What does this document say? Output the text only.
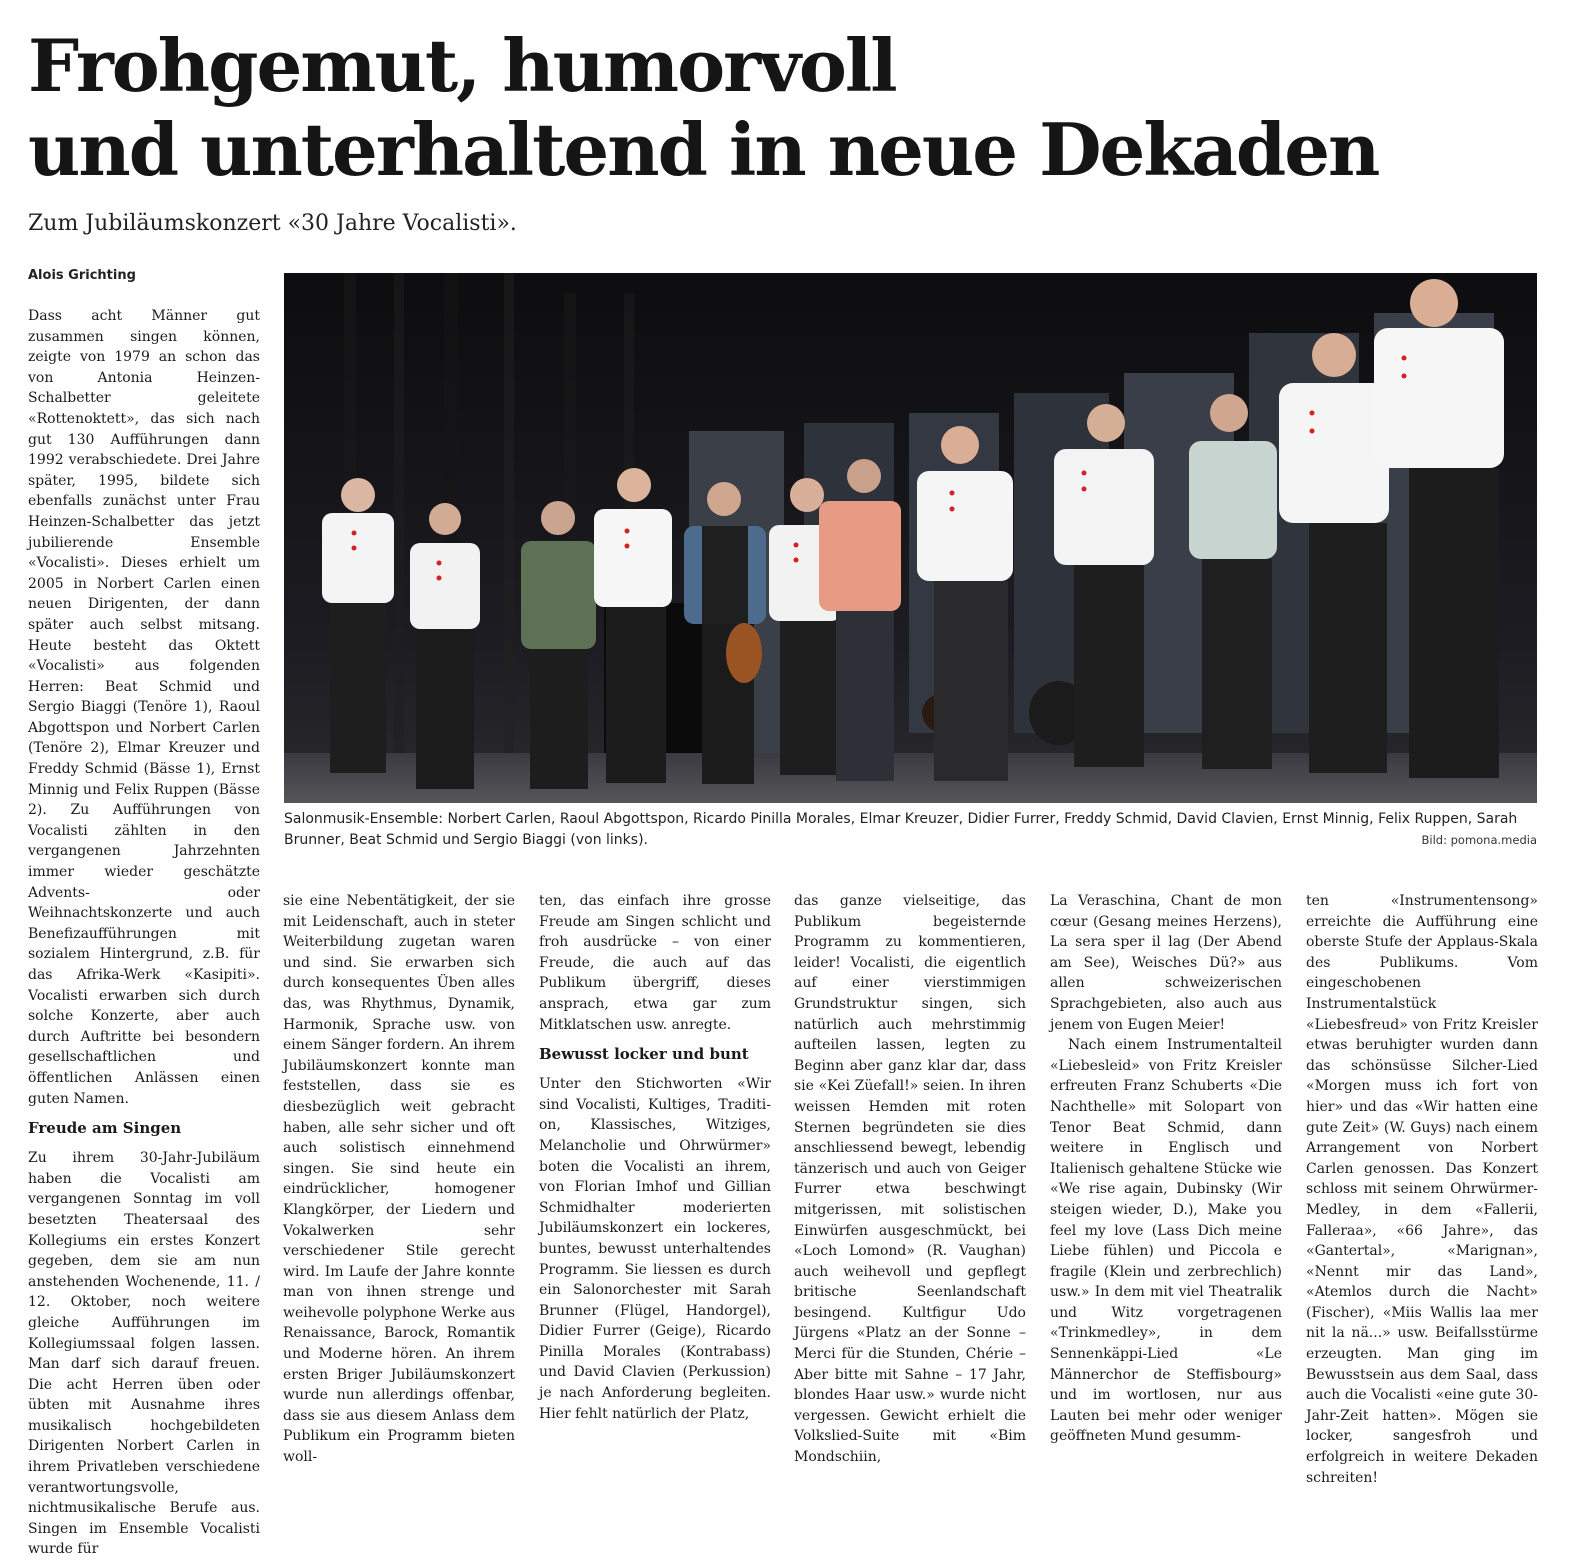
Frohgemut, humorvoll
und unterhaltend in neue Dekaden

Zum Jubiläumskonzert «30 Jahre Vocalisti».

Alois Grichting
Salonmusik-Ensemble: Norbert Carlen, Raoul Abgottspon, Ricardo Pinilla Morales, Elmar Kreuzer, Didier Furrer, Freddy Schmid, David Clavien, Ernst Minnig, Felix Ruppen, Sarah Brunner, Beat Schmid und Sergio Biaggi (von links).	Bild: pomona.media

Dass acht Männer gut zusammen singen können, zeigte von 1979 an schon das von Antonia Heinzen-Schalbetter geleitete «Rottenoktett», das sich nach gut 130 Aufführungen dann 1992 verabschiedete. Drei Jahre später, 1995, bildete sich ebenfalls zunächst unter Frau Heinzen-Schalbetter das jetzt jubilierende Ensemble «Vocalisti». Dieses erhielt um 2005 in Norbert Carlen einen neuen Dirigenten, der dann später auch selbst mitsang. Heute besteht das Oktett «Vocalisti» aus folgenden Herren: Beat Schmid und Sergio Biaggi (Tenöre 1), Raoul Abgottspon und Norbert Carlen (Tenöre 2), Elmar Kreuzer und Freddy Schmid (Bässe 1), Ernst Minnig und Felix Ruppen (Bässe 2). Zu Aufführungen von Vocalisti zählten in den vergangenen Jahrzehnten immer wieder geschätzte Advents- oder Weihnachtskonzerte und auch Benefizaufführungen mit sozialem Hintergrund, z.B. für das Afrika-Werk «Kasipiti». Vocalisti erwarben sich durch solche Konzerte, aber auch durch Auftritte bei besondern gesellschaftlichen und öffentlichen Anlässen einen guten Namen.

Freude am Singen

Zu ihrem 30-Jahr-Jubiläum haben die Vocalisti am vergangenen Sonntag im voll besetzten Theatersaal des Kollegiums ein erstes Konzert gegeben, dem sie am nun anstehenden Wochenende, 11. / 12. Oktober, noch weitere gleiche Aufführungen im Kollegiumssaal folgen lassen. Man darf sich darauf freuen. Die acht Herren üben oder übten mit Ausnahme ihres musikalisch hochgebildeten Dirigenten Norbert Carlen in ihrem Privatleben verschiedene verantwortungsvolle, nichtmusikalische Berufe aus. Singen im Ensemble Vocalisti wurde für

sie eine Nebentätigkeit, der sie mit Leidenschaft, auch in steter Weiterbildung zugetan waren und sind. Sie erwarben sich durch konsequentes Üben alles das, was Rhythmus, Dynamik, Harmonik, Sprache usw. von einem Sänger fordern. An ihrem Jubiläumskonzert konnte man feststellen, dass sie es diesbezüglich weit gebracht haben, alle sehr sicher und oft auch solistisch einnehmend singen. Sie sind heute ein eindrücklicher, homogener Klangkörper, der Liedern und Vokalwerken sehr verschiedener Stile gerecht wird. Im Laufe der Jahre konnte man von ihnen strenge und weihevolle polyphone Werke aus Renaissance, Barock, Romantik und Moderne hören. An ihrem ersten Briger Jubiläumskonzert wurde nun allerdings offenbar, dass sie aus diesem Anlass dem Publikum ein Programm bieten woll-

ten, das einfach ihre grosse Freude am Singen schlicht und froh ausdrücke – von einer Freude, die auch auf das Publikum übergriff, dieses ansprach, etwa gar zum Mitklatschen usw. anregte.

Bewusst locker und bunt

Unter den Stichworten «Wir sind Vocalisti, Kultiges, Traditi-on, Klassisches, Witziges, Melancholie und Ohrwürmer» boten die Vocalisti an ihrem, von Florian Imhof und Gillian Schmidhalter moderierten Jubiläumskonzert ein lockeres, buntes, bewusst unterhaltendes Programm. Sie liessen es durch ein Salonorchester mit Sarah Brunner (Flügel, Handorgel), Didier Furrer (Geige), Ricardo Pinilla Morales (Kontrabass) und David Clavien (Perkussion) je nach Anforderung begleiten. Hier fehlt natürlich der Platz,

das ganze vielseitige, das Publikum begeisternde Programm zu kommentieren, leider! Vocalisti, die eigentlich auf einer vierstimmigen Grundstruktur singen, sich natürlich auch mehrstimmig aufteilen lassen, legten zu Beginn aber ganz klar dar, dass sie «Kei Züefall!» seien. In ihren weissen Hemden mit roten Sternen begründeten sie dies anschliessend bewegt, lebendig tänzerisch und auch von Geiger Furrer etwa beschwingt mitgerissen, mit solistischen Einwürfen ausgeschmückt, bei «Loch Lomond» (R. Vaughan) auch weihevoll und gepflegt britische Seenlandschaft besingend. Kultfigur Udo Jürgens «Platz an der Sonne – Merci für die Stunden, Chérie – Aber bitte mit Sahne – 17 Jahr, blondes Haar usw.» wurde nicht vergessen. Gewicht erhielt die Volkslied-Suite mit «Bim Mondschiin,

La Veraschina, Chant de mon cœur (Gesang meines Herzens), La sera sper il lag (Der Abend am See), Weisches Dü?» aus allen schweizerischen Sprachgebieten, also auch aus jenem von Eugen Meier!

Nach einem Instrumentalteil «Liebesleid» von Fritz Kreisler erfreuten Franz Schuberts «Die Nachthelle» mit Solopart von Tenor Beat Schmid, dann weitere in Englisch und Italienisch gehaltene Stücke wie «We rise again, Dubinsky (Wir steigen wieder, D.), Make you feel my love (Lass Dich meine Liebe fühlen) und Piccola e fragile (Klein und zerbrechlich) usw.» In dem mit viel Theatralik und Witz vorgetragenen «Trinkmedley», in dem Sennenkäppi-Lied «Le Männerchor de Steffisbourg» und im wortlosen, nur aus Lauten bei mehr oder weniger geöffneten Mund gesumm-

ten «Instrumentensong» erreichte die Aufführung eine oberste Stufe der Applaus-Skala des Publikums. Vom eingeschobenen Instrumentalstück «Liebesfreud» von Fritz Kreisler etwas beruhigter wurden dann das schönsüsse Silcher-Lied «Morgen muss ich fort von hier» und das «Wir hatten eine gute Zeit» (W. Guys) nach einem Arrangement von Norbert Carlen genossen. Das Konzert schloss mit seinem Ohrwürmer-Medley, in dem «Fallerii, Falleraa», «66 Jahre», das «Gantertal», «Marignan», «Nennt mir das Land», «Atemlos durch die Nacht» (Fischer), «Miis Wallis laa mer nit la nä...» usw. Beifallsstürme erzeugten. Man ging im Bewusstsein aus dem Saal, dass auch die Vocalisti «eine gute 30-Jahr-Zeit hatten». Mögen sie locker, sangesfroh und erfolgreich in weitere Dekaden schreiten!
